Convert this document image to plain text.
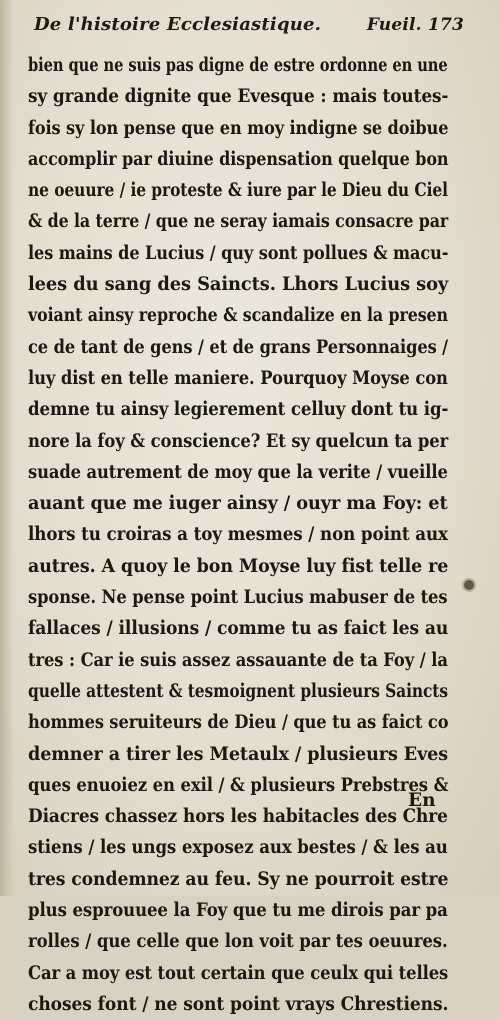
De l'histoire Ecclesiastique.	Fueil. 173
bien que ne suis pas digne de estre ordonne en une
sy grande dignite que Evesque : mais toutes-
fois sy lon pense que en moy indigne se doibue
accomplir par diuine dispensation quelque bon
ne oeuure / ie proteste & iure par le Dieu du Ciel
& de la terre / que ne seray iamais consacre par
les mains de Lucius / quy sont pollues & macu-
lees du sang des Saincts. Lhors Lucius soy
voiant ainsy reproche & scandalize en la presen
ce de tant de gens / et de grans Personnaiges /
luy dist en telle maniere. Pourquoy Moyse con
demne tu ainsy legierement celluy dont tu ig-
nore la foy & conscience? Et sy quelcun ta per
suade autrement de moy que la verite / vueille
auant que me iuger ainsy / ouyr ma Foy: et
lhors tu croiras a toy mesmes / non point aux
autres. A quoy le bon Moyse luy fist telle re
sponse. Ne pense point Lucius mabuser de tes
fallaces / illusions / comme tu as faict les au
tres : Car ie suis assez assauante de ta Foy / la
quelle attestent & tesmoignent plusieurs Saincts
hommes seruiteurs de Dieu / que tu as faict co
demner a tirer les Metaulx / plusieurs Eves
ques enuoiez en exil / & plusieurs Prebstres &
Diacres chassez hors les habitacles des Chre
stiens / les ungs exposez aux bestes / & les au
tres condemnez au feu. Sy ne pourroit estre
plus esprouuee la Foy que tu me dirois par pa
rolles / que celle que lon voit par tes oeuures.
Car a moy est tout certain que ceulx qui telles
choses font / ne sont point vrays Chrestiens.
En
